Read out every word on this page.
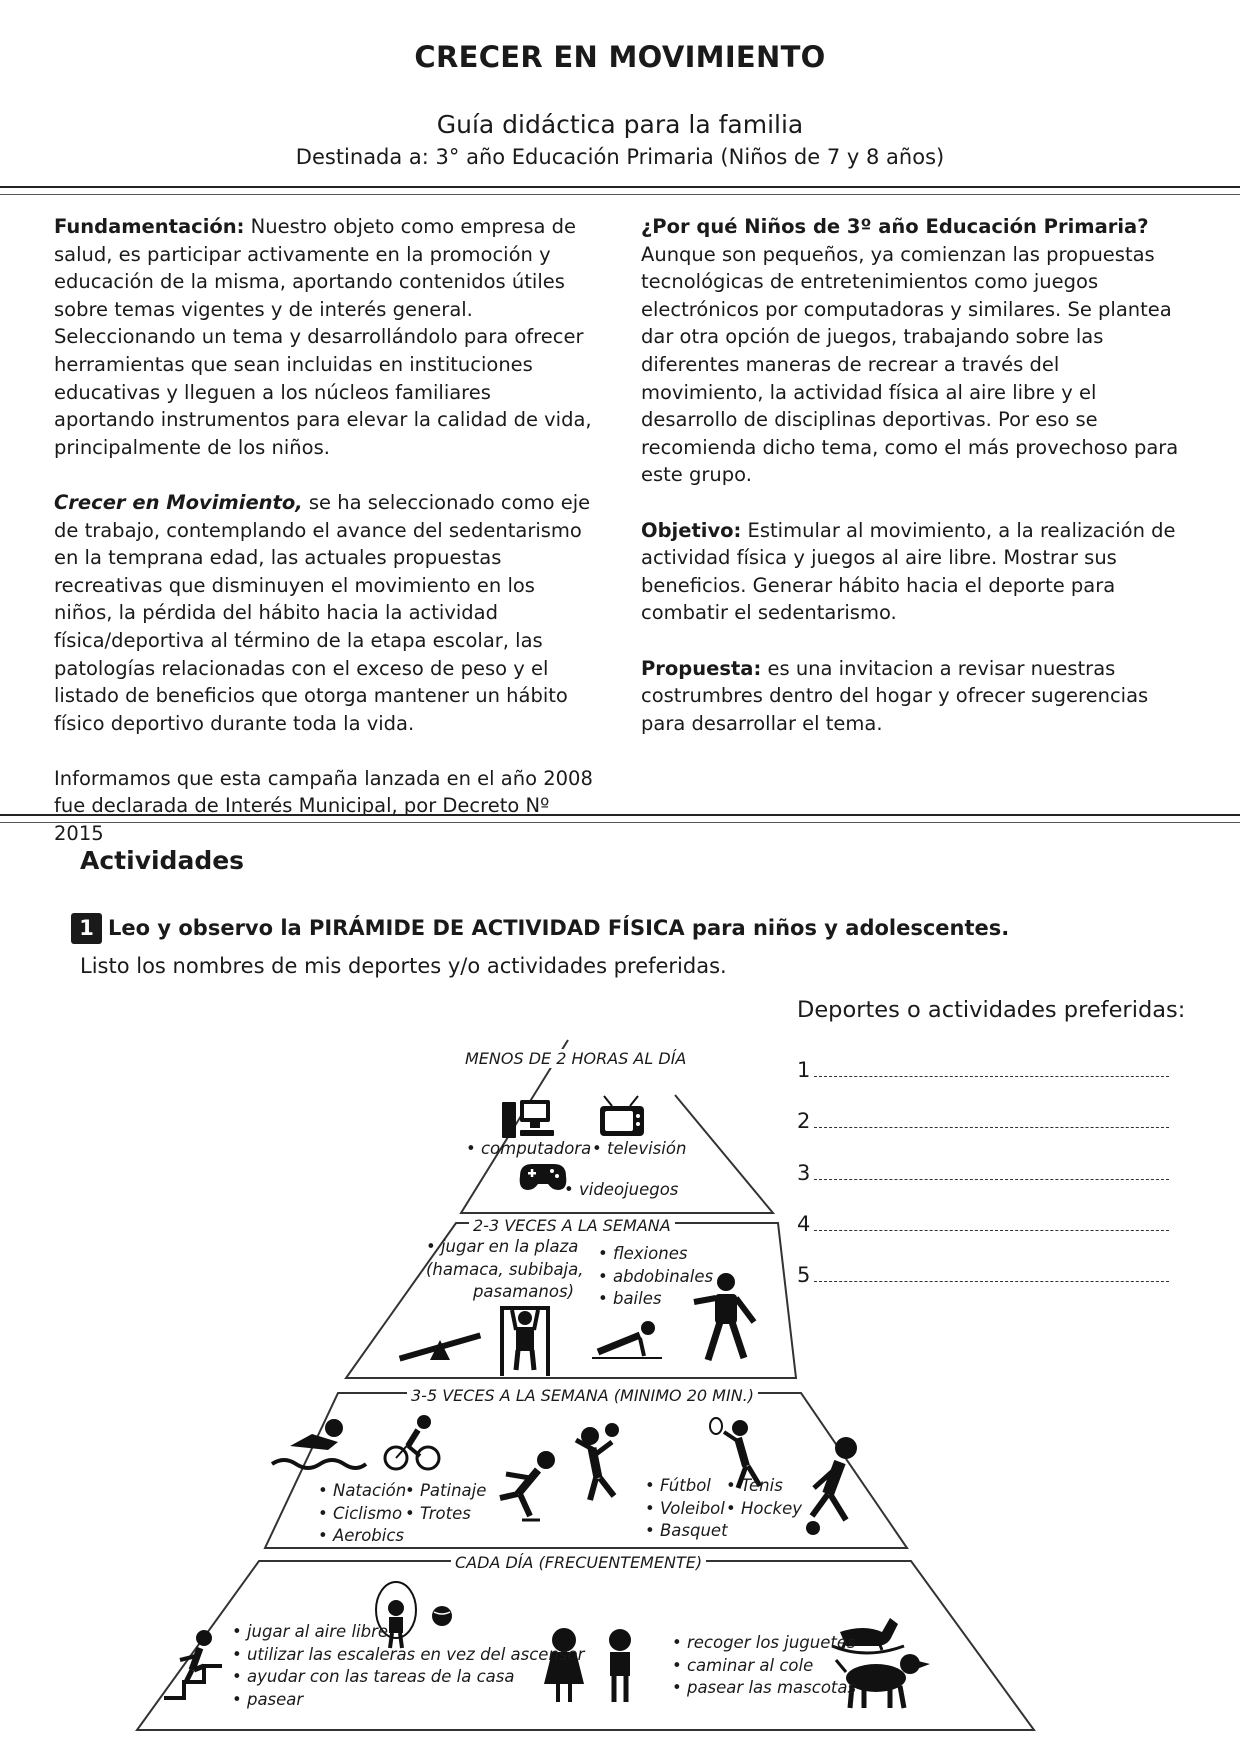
CRECER EN MOVIMIENTO
Guía didáctica para la familia
Destinada a: 3° año Educación Primaria (Niños de 7 y 8 años)

Fundamentación: Nuestro objeto como empresa de salud, es participar activamente en la promoción y educación de la misma, aportando contenidos útiles sobre temas vigentes y de interés general. Seleccionando un tema y desarrollándolo para ofrecer herramientas que sean incluidas en instituciones educativas y lleguen a los núcleos familiares aportando instrumentos para elevar la calidad de vida, principalmente de los niños.

Crecer en Movimiento, se ha seleccionado como eje de trabajo, contemplando el avance del sedentarismo en la temprana edad, las actuales propuestas recreativas que disminuyen el movimiento en los niños, la pérdida del hábito hacia la actividad física/deportiva al término de la etapa escolar, las patologías relacionadas con el exceso de peso y el listado de beneficios que otorga mantener un hábito físico deportivo durante toda la vida.

Informamos que esta campaña lanzada en el año 2008 fue declarada de Interés Municipal, por Decreto Nº 2015

¿Por qué Niños de 3º año Educación Primaria? Aunque son pequeños, ya comienzan las propuestas tecnológicas de entretenimientos como juegos electrónicos por computadoras y similares. Se plantea dar otra opción de juegos, trabajando sobre las diferentes maneras de recrear a través del movimiento, la actividad física al aire libre y el desarrollo de disciplinas deportivas. Por eso se recomienda dicho tema, como el más provechoso para este grupo.

Objetivo: Estimular al movimiento, a la realización de actividad física y juegos al aire libre. Mostrar sus beneficios. Generar hábito hacia el deporte para combatir el sedentarismo.

Propuesta: es una invitacion a revisar nuestras costrumbres dentro del hogar y ofrecer sugerencias para desarrollar el tema.

Actividades
1 Leo y observo la PIRÁMIDE DE ACTIVIDAD FÍSICA para niños y adolescentes.
Listo los nombres de mis deportes y/o actividades preferidas.
Deportes o actividades preferidas:
1
2
3
4
5
MENOS DE 2 HORAS AL DÍA
• computadora • televisión
• videojuegos
2-3 VECES A LA SEMANA
• jugar en la plaza
(hamaca, subibaja,
pasamanos)
• flexiones
• abdobinales
• bailes
3-5 VECES A LA SEMANA (MINIMO 20 MIN.)
• Natación
• Ciclismo
• Aerobics
• Patinaje
• Trotes
• Fútbol
• Voleibol
• Basquet
• Tenis
• Hockey
CADA DÍA (FRECUENTEMENTE)
• jugar al aire libre
• utilizar las escaleras en vez del ascensor
• ayudar con las tareas de la casa
• pasear
• recoger los juguetes
• caminar al cole
• pasear las mascotas
